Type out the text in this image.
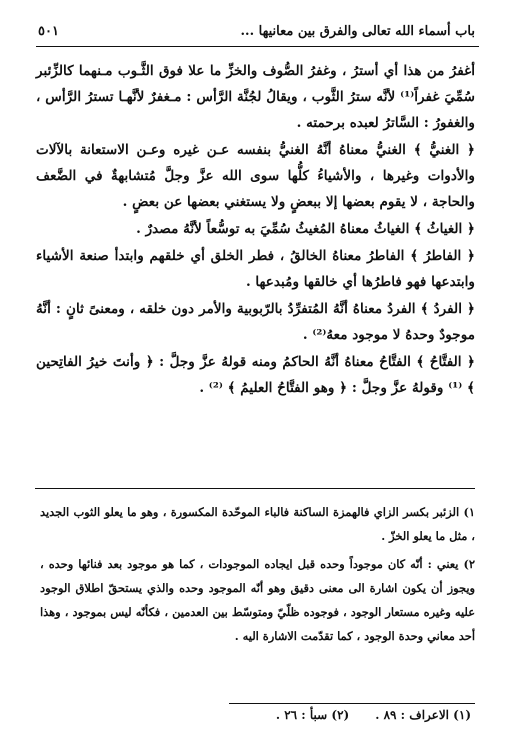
باب أسماء الله تعالى والفرق بين معانيها ...
٥٠١

أغفرُ من هذا أي أسترُ ، وغفرُ الصُّوف والخزِّ ما علا فوق الثَّـوب مـنهما كالزِّئبر سُمِّيَ غفراً⁽¹⁾ لأنَّه سترُ الثَّوب ، ويقالُ لجُنَّة الرَّأس : مـغفرٌ لأنَّهـا تسترُ الرَّأس ، والغفورُ : السَّاترُ لعبده برحمته .

﴿ الغنيُّ ﴾ الغنيُّ معناهُ أنَّهُ الغنيُّ بنفسه عـن غيره وعـن الاستعانة بالآلات والأدوات وغيرها ، والأشياءُ كلُّها سوى الله عزَّ وجلَّ مُتشابهةٌ في الضَّعف والحاجة ، لا يقوم بعضها إلا ببعضٍ ولا يستغني بعضها عن بعضٍ .

﴿ الغياثُ ﴾ الغياثُ معناهُ المُغيثُ سُمِّيَ به توسُّعاً لأنَّهُ مصدرٌ .

﴿ الفاطرُ ﴾ الفاطرُ معناهُ الخالقُ ، فطر الخلق أي خلقهم وابتدأ صنعة الأشياء وابتدعها فهو فاطرُها أي خالقها ومُبدعها .

﴿ الفردُ ﴾ الفردُ معناهُ أنَّهُ المُتفرِّدُ بالرّبوبية والأمر دون خلقه ، ومعنىً ثانٍ : أنَّهُ موجودٌ وحدهُ لا موجود معهُ⁽²⁾ .

﴿ الفتَّاحُ ﴾ الفتَّاحُ معناهُ أنَّهُ الحاكمُ ومنه قولهُ عزَّ وجلَّ : ﴿ وأنتَ خيرُ الفاتِحين ﴾ ⁽¹⁾ وقولهُ عزَّ وجلَّ : ﴿ وهو الفتَّاحُ العليمُ ﴾ ⁽²⁾ .

١) الزئبر بكسر الزاي فالهمزة الساكنة فالباء الموحّدة المكسورة ، وهو ما يعلو الثوب الجديد ، مثل ما يعلو الخزّ .

٢) يعني : أنّه كان موجوداً وحده قبل ايجاده الموجودات ، كما هو موجود بعد فنائها وحده ، ويجوز أن يكون اشارة الى معنى دقيق وهو أنّه الموجود وحده والذي يستحقّ اطلاق الوجود عليه وغيره مستعار الوجود ، فوجوده ظلّيّ ومتوسّط بين العدمين ، فكأنّه ليس بموجود ، وهذا أحد معاني وحدة الوجود ، كما تقدّمت الاشارة اليه .

(١) الاعراف : ٨٩ .
(٢) سبأ : ٢٦ .
